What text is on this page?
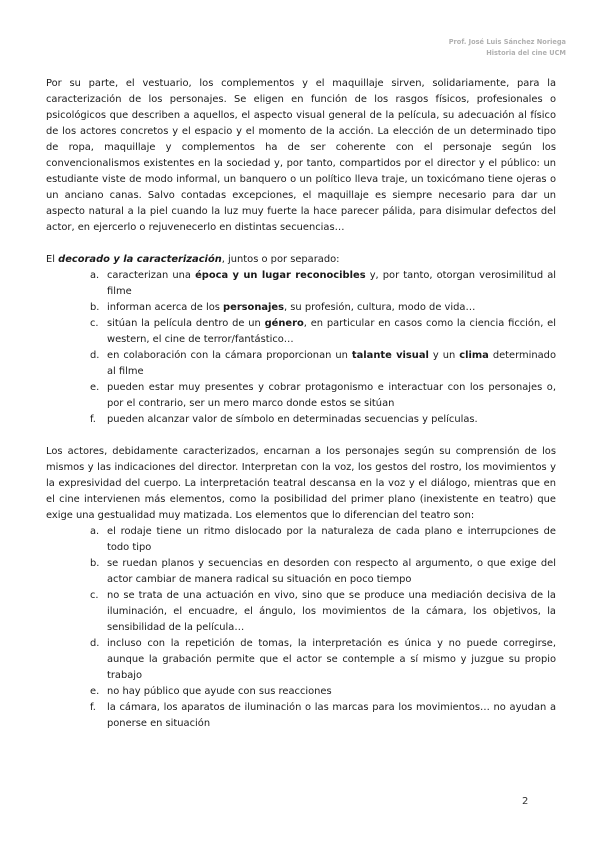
Prof. José Luis Sánchez Noriega
Historia del cine UCM

Por su parte, el vestuario, los complementos y el maquillaje sirven, solidariamente, para la caracterización de los personajes. Se eligen en función de los rasgos físicos, profesionales o psicológicos que describen a aquellos, el aspecto visual general de la película, su adecuación al físico de los actores concretos y el espacio y el momento de la acción. La elección de un determinado tipo de ropa, maquillaje y complementos ha de ser coherente con el personaje según los convencionalismos existentes en la sociedad y, por tanto, compartidos por el director y el público: un estudiante viste de modo informal, un banquero o un político lleva traje, un toxicómano tiene ojeras o un anciano canas. Salvo contadas excepciones, el maquillaje es siempre necesario para dar un aspecto natural a la piel cuando la luz muy fuerte la hace parecer pálida, para disimular defectos del actor, en ejercerlo o rejuvenecerlo en distintas secuencias…

El decorado y la caracterización, juntos o por separado:

a. caracterizan una época y un lugar reconocibles y, por tanto, otorgan verosimilitud al filme
b. informan acerca de los personajes, su profesión, cultura, modo de vida…
c. sitúan la película dentro de un género, en particular en casos como la ciencia ficción, el western, el cine de terror/fantástico…
d. en colaboración con la cámara proporcionan un talante visual y un clima determinado al filme
e. pueden estar muy presentes y cobrar protagonismo e interactuar con los personajes o, por el contrario, ser un mero marco donde estos se sitúan
f. pueden alcanzar valor de símbolo en determinadas secuencias y películas.

Los actores, debidamente caracterizados, encarnan a los personajes según su comprensión de los mismos y las indicaciones del director. Interpretan con la voz, los gestos del rostro, los movimientos y la expresividad del cuerpo. La interpretación teatral descansa en la voz y el diálogo, mientras que en el cine intervienen más elementos, como la posibilidad del primer plano (inexistente en teatro) que exige una gestualidad muy matizada. Los elementos que lo diferencian del teatro son:

a. el rodaje tiene un ritmo dislocado por la naturaleza de cada plano e interrupciones de todo tipo
b. se ruedan planos y secuencias en desorden con respecto al argumento, o que exige del actor cambiar de manera radical su situación en poco tiempo
c. no se trata de una actuación en vivo, sino que se produce una mediación decisiva de la iluminación, el encuadre, el ángulo, los movimientos de la cámara, los objetivos, la sensibilidad de la película…
d. incluso con la repetición de tomas, la interpretación es única y no puede corregirse, aunque la grabación permite que el actor se contemple a sí mismo y juzgue su propio trabajo
e. no hay público que ayude con sus reacciones
f. la cámara, los aparatos de iluminación o las marcas para los movimientos… no ayudan a ponerse en situación
2
